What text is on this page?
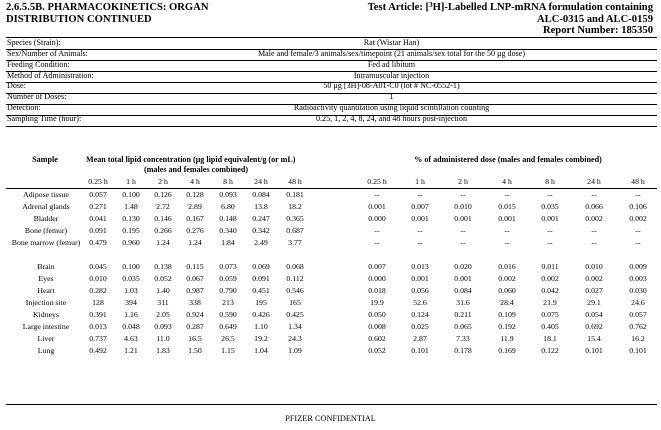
2.6.5.5B. PHARMACOKINETICS: ORGAN
DISTRIBUTION CONTINUED
Test Article: [$^3$H]-Labelled LNP-mRNA formulation containing
ALC-0315 and ALC-0159
Report Number: 185350
Species (Strain):	Rat (Wistar Han)
Sex/Number of Animals:	Male and female/3 animals/sex/timepoint (21 animals/sex total for the 50 μg dose)
Feeding Condition:	Fed ad libitum
Method of Administration:	Intramuscular injection
Dose:	50 μg [3H]-08-A01-C0 (lot # NC-0552-1)
Number of Doses:	1
Detection:	Radioactivity quantitation using liquid scintillation counting
Sampling Time (hour):	0.25, 1, 2, 4, 8, 24, and 48 hours post-injection
Sample	Mean total lipid concentration (μg lipid equivalent/g (or mL)
(males and females combined)
% of administered dose (males and females combined)
0.25 h	1 h	2 h	4 h	8 h	24 h	48 h	0.25 h	1 h	2 h	4 h	8 h	24 h	48 h
Adipose tissue	0.057	0.100	0.126	0.128	0.093	0.084	0.181	--	--	--	--	--	--	--
Adrenal glands	0.271	1.48	2.72	2.89	6.80	13.8	18.2	0.001	0.007	0.010	0.015	0.035	0.066	0.106
Bladder	0.041	0.130	0.146	0.167	0.148	0.247	0.365	0.000	0.001	0.001	0.001	0.001	0.002	0.002
Bone (femur)	0.091	0.195	0.266	0.276	0.340	0.342	0.687	--	--	--	--	--	--	--
Bone marrow (femur)	0.479	0.960	1.24	1.24	1.84	2.49	3.77	--	--	--	--	--	--	--
Brain	0.045	0.100	0.138	0.115	0.073	0.069	0.068	0.007	0.013	0.020	0.016	0.011	0.010	0.009
Eyes	0.010	0.035	0.052	0.067	0.059	0.091	0.112	0.000	0.001	0.001	0.002	0.002	0.002	0.003
Heart	0.282	1.03	1.40	0.987	0.790	0.451	0.546	0.018	0.056	0.084	0.060	0.042	0.027	0.030
Injection site	128	394	311	338	213	195	165	19.9	52.6	31.6	28.4	21.9	29.1	24.6
Kidneys	0.391	1.16	2.05	0.924	0.590	0.426	0.425	0.050	0.124	0.211	0.109	0.075	0.054	0.057
Large intestine	0.013	0.048	0.093	0.287	0.649	1.10	1.34	0.008	0.025	0.065	0.192	0.405	0.692	0.762
Liver	0.737	4.63	11.0	16.5	26.5	19.2	24.3	0.602	2.87	7.33	11.9	18.1	15.4	16.2
Lung	0.492	1.21	1.83	1.50	1.15	1.04	1.09	0.052	0.101	0.178	0.169	0.122	0.101	0.101
PFIZER CONFIDENTIAL
